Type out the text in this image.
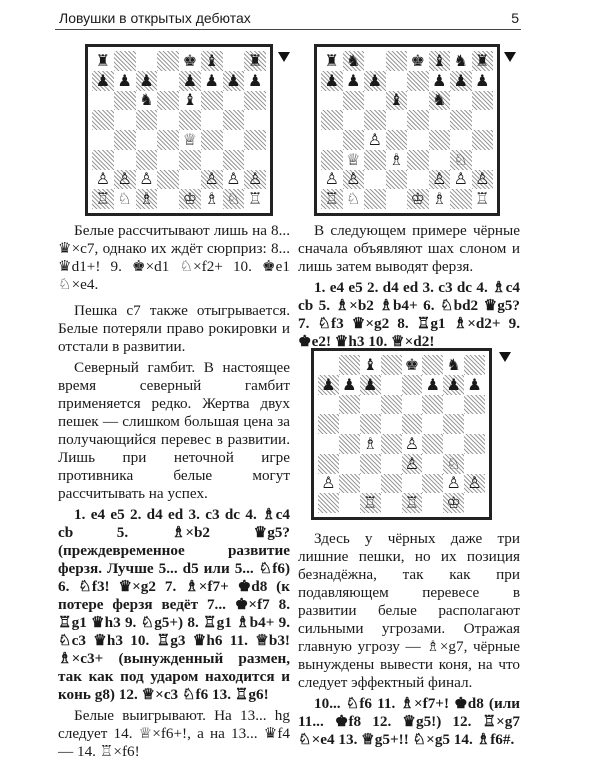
Ловушки в открытых дебютах	5
♜	♚ ♝ ♜
♟ ♟ ♟ ♟ ♟ ♟ ♟
♞ ♝
♕
♙ ♙ ♙	♙ ♙ ♙
♖ ♘ ♗ ♔ ♗ ♘ ♖
♜ ♞	♚ ♝ ♞ ♜
♟ ♟ ♟	♟ ♟ ♟
♝ ♞
♙
♕ ♗	♘
♙ ♙	♙ ♙ ♙
♖ ♘	♔ ♗ ♖
♝ ♚ ♞
♟ ♟ ♟	♟ ♟ ♟
♗ ♙
♙ ♘
♙	♙ ♙
♖ ♖ ♔

Белые рассчитывают лишь на 8... ♛×c7, однако их ждёт сюрприз: 8... ♛d1+! 9. ♚×d1 ♘×f2+ 10. ♚e1 ♘×e4.

Пешка c7 также отыгрывается. Белые потеряли право рокировки и отстали в развитии.

Северный гамбит. В настоящее время северный гамбит применяется редко. Жертва двух пешек — слишком большая цена за получающийся перевес в развитии. Лишь при неточной игре противника белые могут рассчитывать на успех.

1. e4 e5 2. d4 ed 3. c3 dc 4. ♗c4 cb 5. ♗×b2 ♛g5? (преждевременное развитие ферзя. Лучше 5... d5 или 5... ♘f6) 6. ♘f3! ♛×g2 7. ♗×f7+ ♚d8 (к потере ферзя ведёт 7... ♚×f7 8. ♖g1 ♛h3 9. ♘g5+) 8. ♖g1 ♗b4+ 9. ♘c3 ♛h3 10. ♖g3 ♛h6 11. ♕b3! ♗×c3+ (вынужденный размен, так как под ударом находится и конь g8) 12. ♕×c3 ♘f6 13. ♖g6!

Белые выигрывают. На 13... hg следует 14. ♕×f6+!, а на 13... ♛f4 — 14. ♖×f6!

В следующем примере чёрные сначала объявляют шах слоном и лишь затем выводят ферзя.

1. e4 e5 2. d4 ed 3. c3 dc 4. ♗c4 cb 5. ♗×b2 ♗b4+ 6. ♘bd2 ♛g5? 7. ♘f3 ♛×g2 8. ♖g1 ♗×d2+ 9. ♚e2! ♛h3 10. ♕×d2!

Здесь у чёрных даже три лишние пешки, но их позиция безнадёжна, так как при подавляющем перевесе в развитии белые располагают сильными угрозами. Отражая главную угрозу — ♗×g7, чёрные вынуждены вывести коня, на что следует эффектный финал.

10... ♘f6 11. ♗×f7+! ♚d8 (или 11... ♚f8 12. ♛g5!) 12. ♖×g7 ♘×e4 13. ♕g5+!! ♘×g5 14. ♗f6#.
